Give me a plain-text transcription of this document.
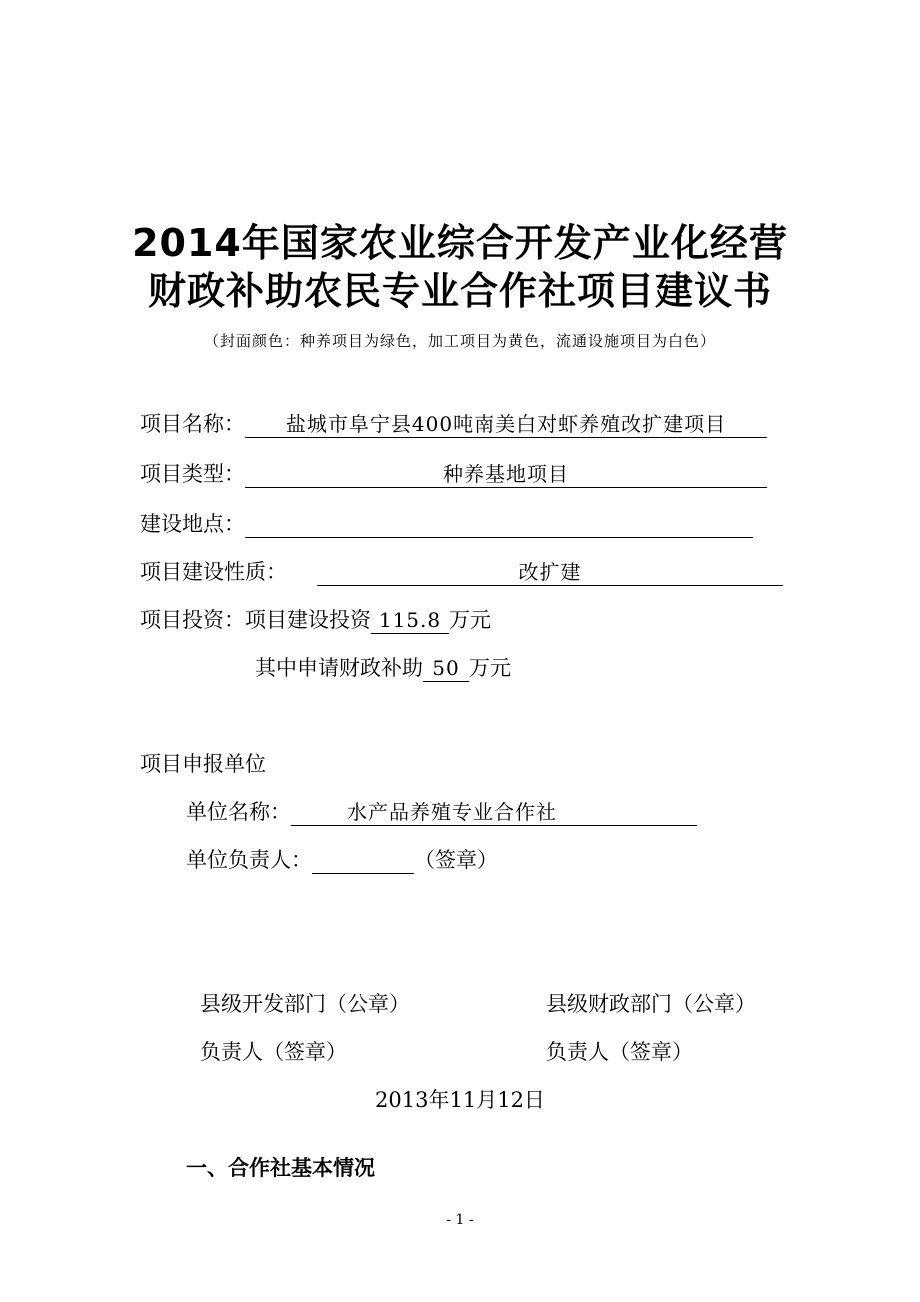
2014年国家农业综合开发产业化经营
财政补助农民专业合作社项目建议书
（封面颜色：种养项目为绿色，加工项目为黄色，流通设施项目为白色）
项目名称： 盐城市阜宁县400吨南美白对虾养殖改扩建项目
项目类型：	种养基地项目
建设地点：
项目建设性质：	改扩建
项目投资：项目建设投资 115.8 万元
其中申请财政补助 50 万元
项目申报单位
单位名称：	水产品养殖专业合作社
单位负责人：	（签章）
县级开发部门（公章）	县级财政部门（公章）
负责人（签章）	负责人（签章）
2013年11月12日
一、合作社基本情况
- 1 -
